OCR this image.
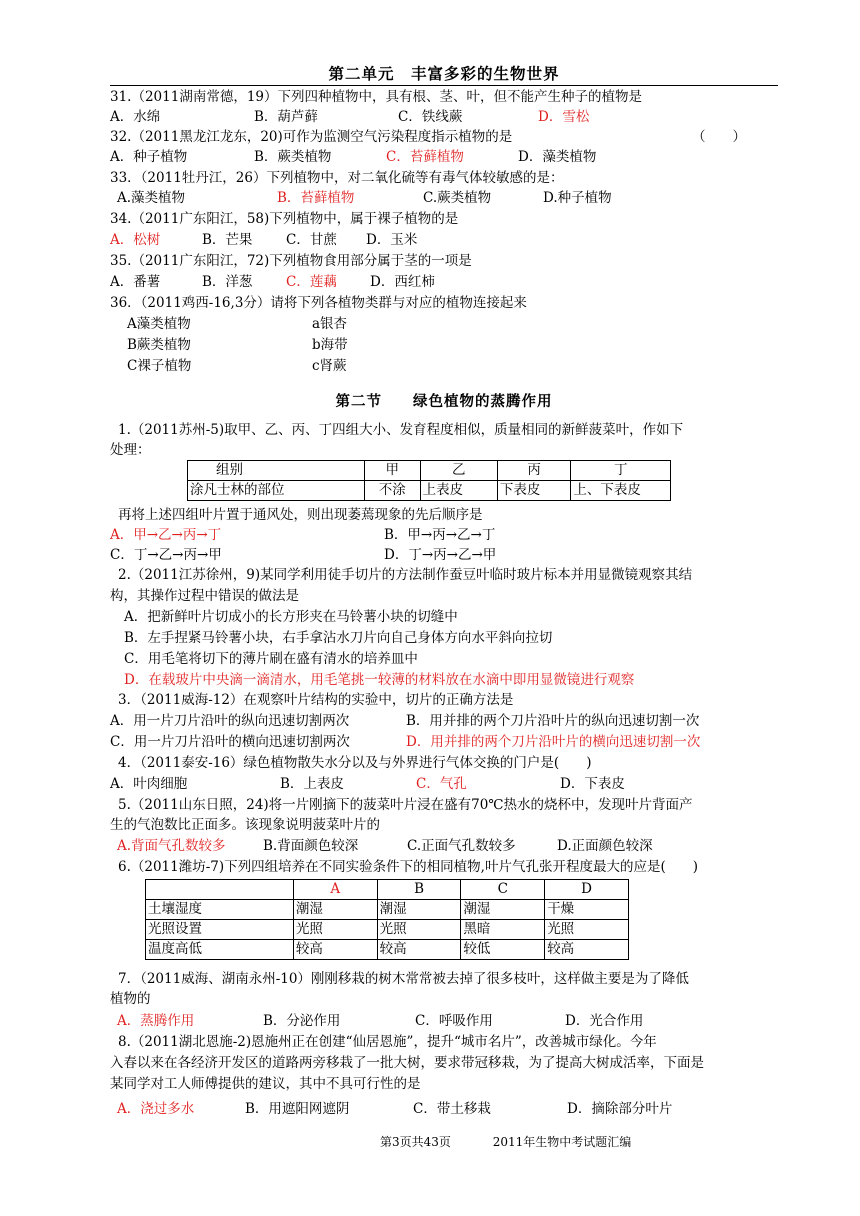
第二单元　丰富多彩的生物世界
31.（2011湖南常德，19）下列四种植物中，具有根、茎、叶，但不能产生种子的植物是
A．水绵	B．葫芦藓	C．铁线蕨	D．雪松
32.（2011黑龙江龙东，20)可作为监测空气污染程度指示植物的是	（　　）
A．种子植物	B．蕨类植物	C．苔藓植物	D．藻类植物
33．（2011牡丹江，26）下列植物中，对二氧化硫等有毒气体较敏感的是：
A.藻类植物	B．苔藓植物	C.蕨类植物	D.种子植物
34.（2011广东阳江，58)下列植物中，属于裸子植物的是
A．松树	B．芒果 C．甘蔗 D．玉米
35.（2011广东阳江，72)下列植物食用部分属于茎的一项是
A．番薯	B．洋葱 C．莲藕 D．西红柿
36．（2011鸡西-16,3分）请将下列各植物类群与对应的植物连接起来
A藻类植物
B蕨类植物
C裸子植物
a银杏
b海带
c肾蕨
第二节　　绿色植物的蒸腾作用
1.（2011苏州-5)取甲、乙、丙、丁四组大小、发育程度相似，质量相同的新鲜菠菜叶，作如下
处理：
组别	甲	乙	丙	丁
涂凡士林的部位	不涂	上表皮	下表皮	上、下表皮
再将上述四组叶片置于通风处，则出现萎蔫现象的先后顺序是
A．甲→乙→丙→丁	B．甲→丙→乙→丁
C．丁→乙→丙→甲	D．丁→丙→乙→甲
2.（2011江苏徐州，9)某同学利用徒手切片的方法制作蚕豆叶临时玻片标本并用显微镜观察其结
构，其操作过程中错误的做法是
A．把新鲜叶片切成小的长方形夹在马铃薯小块的切缝中
B．左手捏紧马铃薯小块，右手拿沾水刀片向自己身体方向水平斜向拉切
C．用毛笔将切下的薄片刷在盛有清水的培养皿中
D．在载玻片中央滴一滴清水，用毛笔挑一较薄的材料放在水滴中即用显微镜进行观察
3．（2011威海-12）在观察叶片结构的实验中，切片的正确方法是
A．用一片刀片沿叶的纵向迅速切割两次	B．用并排的两个刀片沿叶片的纵向迅速切割一次
C．用一片刀片沿叶的横向迅速切割两次	D．用并排的两个刀片沿叶片的横向迅速切割一次
4．（2011泰安-16）绿色植物散失水分以及与外界进行气体交换的门户是(　　)
A．叶肉细胞	B．上表皮	C．气孔	D．下表皮
5.（2011山东日照，24)将一片刚摘下的菠菜叶片浸在盛有70℃热水的烧杯中，发现叶片背面产
生的气泡数比正面多。该现象说明菠菜叶片的
A.背面气孔数较多	B.背面颜色较深	C.正面气孔数较多	D.正面颜色较深
6.（2011潍坊-7)下列四组培养在不同实验条件下的相同植物,叶片气孔张开程度最大的应是(　　)
	A	B	C	D
土壤湿度	潮湿	潮湿	潮湿	干燥
光照设置	光照	光照	黑暗	光照
温度高低	较高	较高	较低	较高
7．（2011威海、湖南永州-10）刚刚移栽的树木常常被去掉了很多枝叶，这样做主要是为了降低
植物的
A．蒸腾作用	B．分泌作用	C．呼吸作用	D．光合作用
8.（2011湖北恩施-2)恩施州正在创建“仙居恩施”，提升“城市名片”，改善城市绿化。今年
入春以来在各经济开发区的道路两旁移栽了一批大树，要求带冠移栽，为了提高大树成活率，下面是
某同学对工人师傅提供的建议，其中不具可行性的是
A．浇过多水	B．用遮阳网遮阴	C．带土移栽	D．摘除部分叶片
第3页共43页	2011年生物中考试题汇编
